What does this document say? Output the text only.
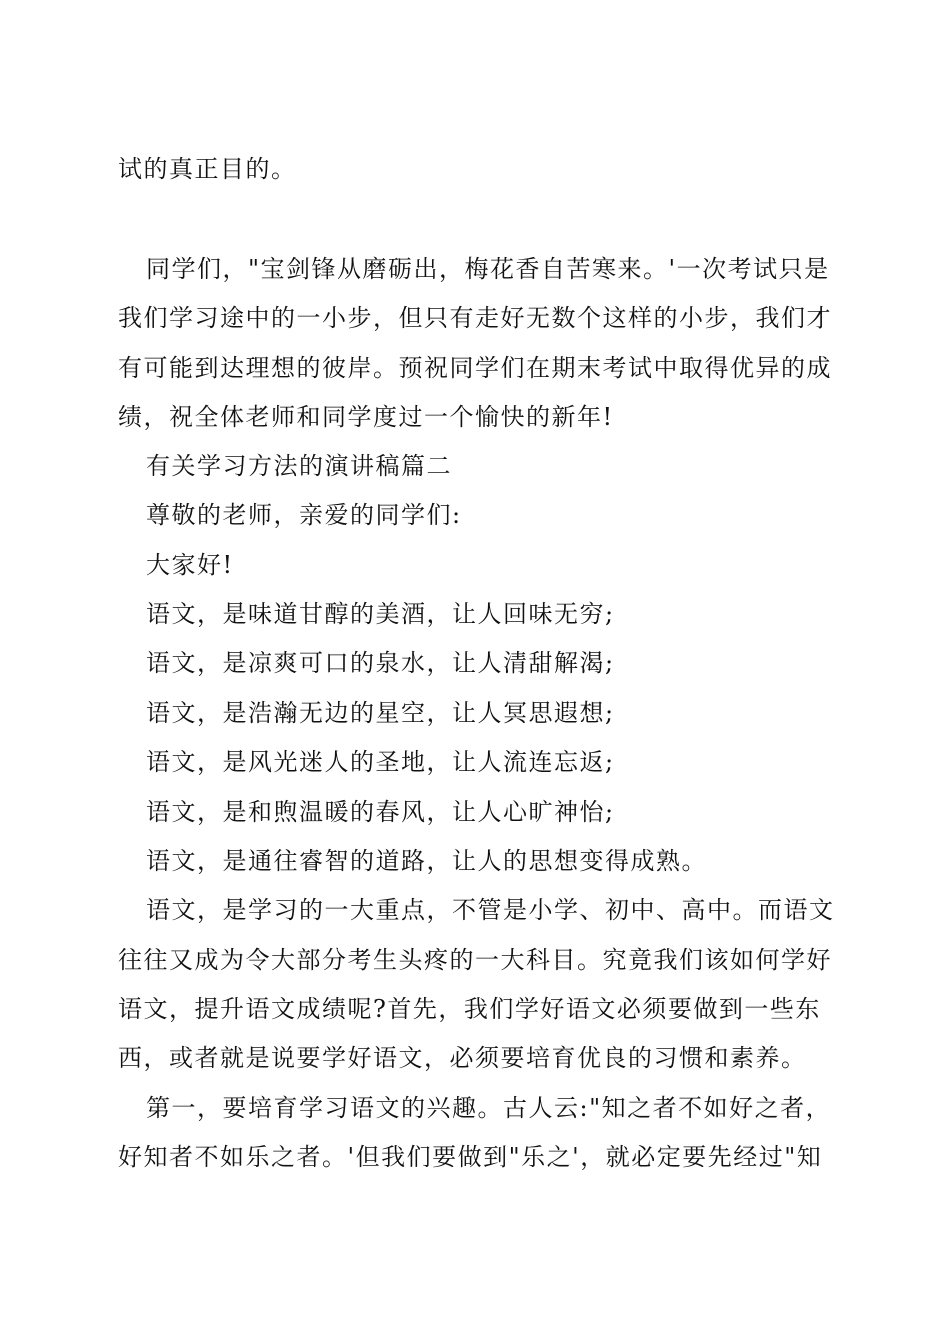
试的真正目的。
同学们，"宝剑锋从磨砺出，梅花香自苦寒来。'一次考试只是
我们学习途中的一小步，但只有走好无数个这样的小步，我们才
有可能到达理想的彼岸。预祝同学们在期末考试中取得优异的成
绩，祝全体老师和同学度过一个愉快的新年!
有关学习方法的演讲稿篇二
尊敬的老师，亲爱的同学们:
大家好!
语文，是味道甘醇的美酒，让人回味无穷;
语文，是凉爽可口的泉水，让人清甜解渴;
语文，是浩瀚无边的星空，让人冥思遐想;
语文，是风光迷人的圣地，让人流连忘返;
语文，是和煦温暖的春风，让人心旷神怡;
语文，是通往睿智的道路，让人的思想变得成熟。
语文，是学习的一大重点，不管是小学、初中、高中。而语文
往往又成为令大部分考生头疼的一大科目。究竟我们该如何学好
语文，提升语文成绩呢?首先，我们学好语文必须要做到一些东
西，或者就是说要学好语文，必须要培育优良的习惯和素养。
第一，要培育学习语文的兴趣。古人云:"知之者不如好之者，
好知者不如乐之者。'但我们要做到"乐之'，就必定要先经过"知
